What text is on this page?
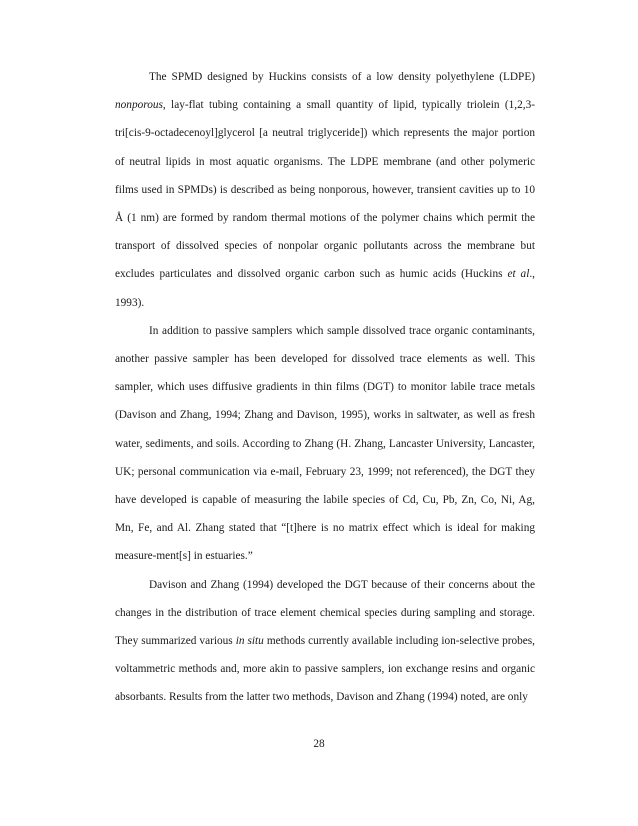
The SPMD designed by Huckins consists of a low density polyethylene (LDPE) nonporous, lay-flat tubing containing a small quantity of lipid, typically triolein (1,2,3-tri[cis-9-octadecenoyl]glycerol [a neutral triglyceride]) which represents the major portion of neutral lipids in most aquatic organisms. The LDPE membrane (and other polymeric films used in SPMDs) is described as being nonporous, however, transient cavities up to 10 Å (1 nm) are formed by random thermal motions of the polymer chains which permit the transport of dissolved species of nonpolar organic pollutants across the membrane but excludes particulates and dissolved organic carbon such as humic acids (Huckins et al., 1993).

In addition to passive samplers which sample dissolved trace organic contaminants, another passive sampler has been developed for dissolved trace elements as well. This sampler, which uses diffusive gradients in thin films (DGT) to monitor labile trace metals (Davison and Zhang, 1994; Zhang and Davison, 1995), works in saltwater, as well as fresh water, sediments, and soils. According to Zhang (H. Zhang, Lancaster University, Lancaster, UK; personal communication via e-mail, February 23, 1999; not referenced), the DGT they have developed is capable of measuring the labile species of Cd, Cu, Pb, Zn, Co, Ni, Ag, Mn, Fe, and Al. Zhang stated that “[t]here is no matrix effect which is ideal for making measure-ment[s] in estuaries.”

Davison and Zhang (1994) developed the DGT because of their concerns about the changes in the distribution of trace element chemical species during sampling and storage. They summarized various in situ methods currently available including ion-selective probes, voltammetric methods and, more akin to passive samplers, ion exchange resins and organic absorbants. Results from the latter two methods, Davison and Zhang (1994) noted, are only

28
